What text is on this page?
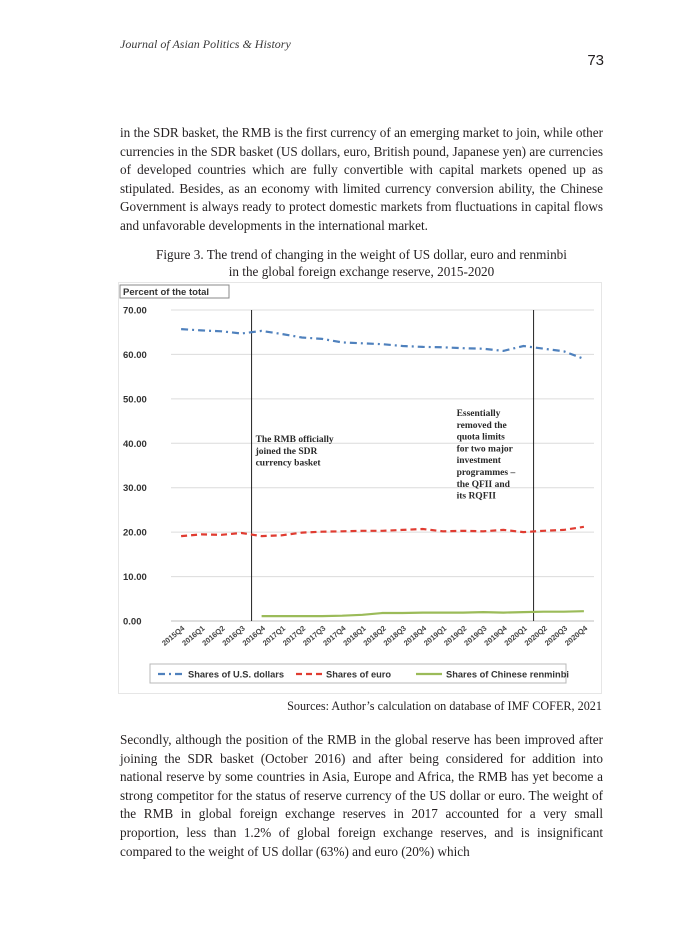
Journal of Asian Politics & History
73

in the SDR basket, the RMB is the first currency of an emerging market to join, while other currencies in the SDR basket (US dollars, euro, British pound, Japanese yen) are currencies of developed countries which are fully convertible with capital markets opened up as stipulated. Besides, as an economy with limited currency conversion ability, the Chinese Government is always ready to protect domestic markets from fluctuations in capital flows and unfavorable developments in the international market.

Figure 3. The trend of changing in the weight of US dollar, euro and renminbi
in the global foreign exchange reserve, 2015-2020
Percent of the total
0.00
10.00
20.00
30.00
40.00
50.00
60.00
70.00
2015Q4
2016Q1
2016Q2
2016Q3
2016Q4
2017Q1
2017Q2
2017Q3
2017Q4
2018Q1
2018Q2
2018Q3
2018Q4
2019Q1
2019Q2
2019Q3
2019Q4
2020Q1
2020Q2
2020Q3
2020Q4
The RMB officially
joined the SDR
currency basket
Essentially
removed the
quota limits
for two major
investment
programmes –
the QFII and
its RQFII
Shares of U.S. dollars	Shares of euro	Shares of Chinese renminbi
Sources: Author’s calculation on database of IMF COFER, 2021

Secondly, although the position of the RMB in the global reserve has been improved after joining the SDR basket (October 2016) and after being considered for addition into national reserve by some countries in Asia, Europe and Africa, the RMB has yet become a strong competitor for the status of reserve currency of the US dollar or euro. The weight of the RMB in global foreign exchange reserves in 2017 accounted for a very small proportion, less than 1.2% of global foreign exchange reserves, and is insignificant compared to the weight of US dollar (63%) and euro (20%) which
